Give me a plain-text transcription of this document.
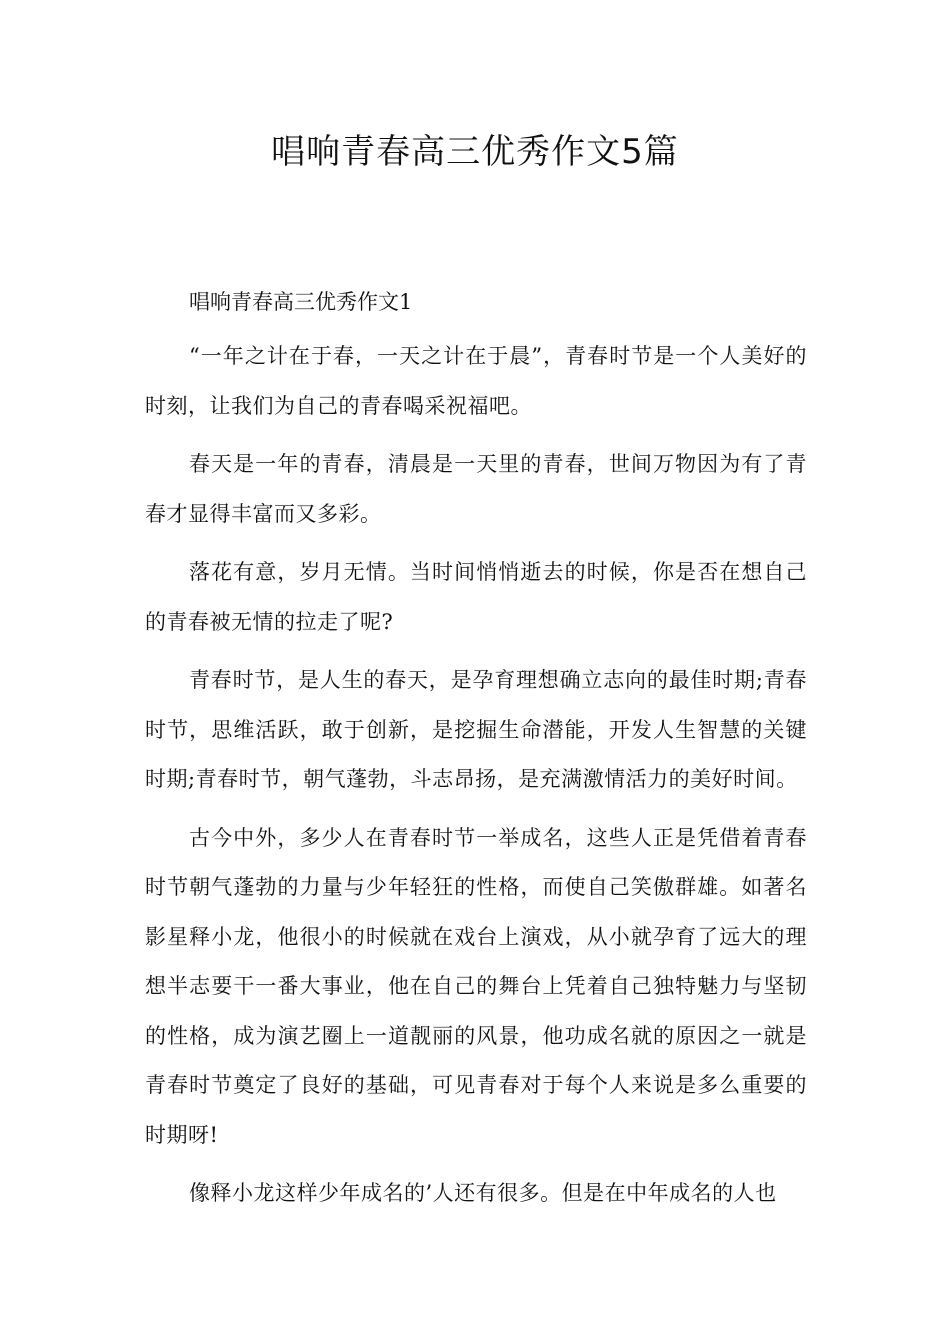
唱响青春高三优秀作文5篇

唱响青春高三优秀作文1

“一年之计在于春，一天之计在于晨”，青春时节是一个人美好的时刻，让我们为自己的青春喝采祝福吧。

春天是一年的青春，清晨是一天里的青春，世间万物因为有了青春才显得丰富而又多彩。

落花有意，岁月无情。当时间悄悄逝去的时候，你是否在想自己的青春被无情的拉走了呢?

青春时节，是人生的春天，是孕育理想确立志向的最佳时期;青春时节，思维活跃，敢于创新，是挖掘生命潜能，开发人生智慧的关键时期;青春时节，朝气蓬勃，斗志昂扬，是充满激情活力的美好时间。

古今中外，多少人在青春时节一举成名，这些人正是凭借着青春时节朝气蓬勃的力量与少年轻狂的性格，而使自己笑傲群雄。如著名影星释小龙，他很小的时候就在戏台上演戏，从小就孕育了远大的理想半志要干一番大事业，他在自己的舞台上凭着自己独特魅力与坚韧的性格，成为演艺圈上一道靓丽的风景，他功成名就的原因之一就是青春时节奠定了良好的基础，可见青春对于每个人来说是多么重要的时期呀!

像释小龙这样少年成名的’人还有很多。但是在中年成名的人也
